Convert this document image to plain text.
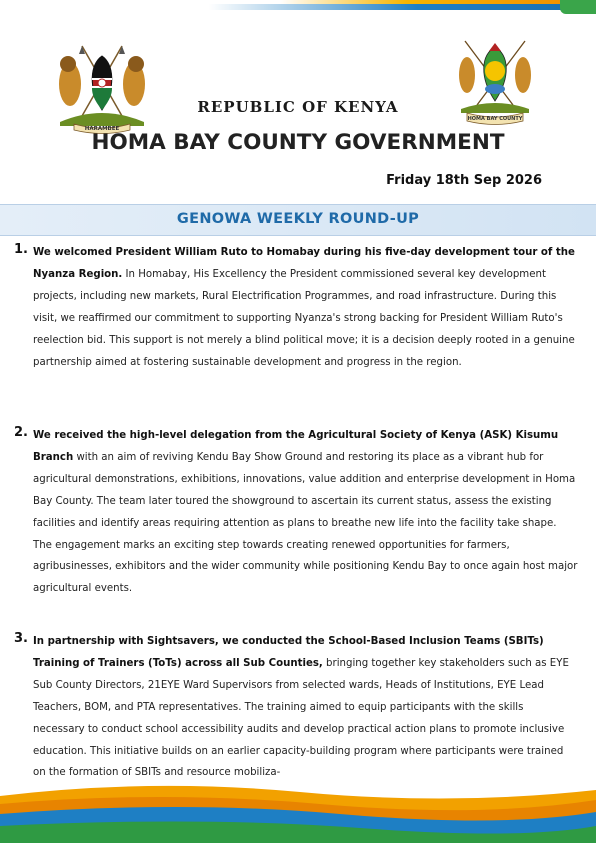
HARAMBEE
HOMA BAY COUNTY
REPUBLIC OF KENYA
HOMA BAY COUNTY GOVERNMENT
Friday 18th Sep 2026
GENOWA WEEKLY ROUND-UP
1. We welcomed President William Ruto to Homabay during his five-day development tour of the Nyanza Region. In Homabay, His Excellency the President commissioned several key development projects, including new markets, Rural Electrification Programmes, and road infrastructure. During this visit, we reaffirmed our commitment to supporting Nyanza's strong backing for President William Ruto's reelection bid. This support is not merely a blind political move; it is a decision deeply rooted in a genuine partnership aimed at fostering sustainable development and progress in the region.
2. We received the high-level delegation from the Agricultural Society of Kenya (ASK) Kisumu Branch with an aim of reviving Kendu Bay Show Ground and restoring its place as a vibrant hub for agricultural demonstrations, exhibitions, innovations, value addition and enterprise development in Homa Bay County. The team later toured the showground to ascertain its current status, assess the existing facilities and identify areas requiring attention as plans to breathe new life into the facility take shape. The engagement marks an exciting step towards creating renewed opportunities for farmers, agribusinesses, exhibitors and the wider community while positioning Kendu Bay to once again host major agricultural events.
3. In partnership with Sightsavers, we conducted the School-Based Inclusion Teams (SBITs) Training of Trainers (ToTs) across all Sub Counties, bringing together key stakeholders such as EYE Sub County Directors, 21EYE Ward Supervisors from selected wards, Heads of Institutions, EYE Lead Teachers, BOM, and PTA representatives. The training aimed to equip participants with the skills necessary to conduct school accessibility audits and develop practical action plans to promote inclusive education. This initiative builds on an earlier capacity-building program where participants were trained on the formation of SBITs and resource mobiliza-
